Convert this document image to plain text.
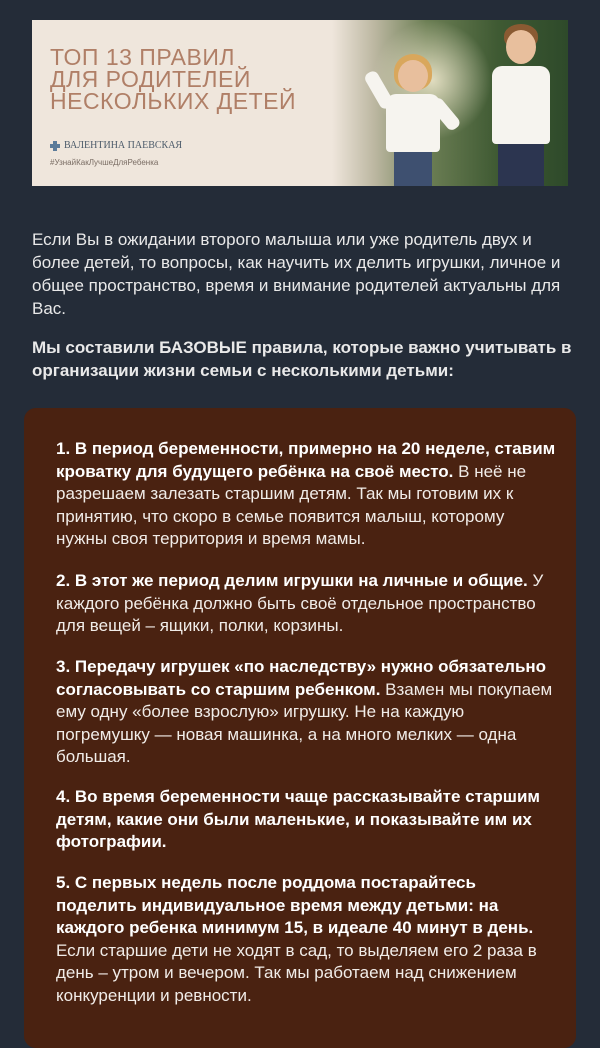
ТОП 13 ПРАВИЛ
ДЛЯ РОДИТЕЛЕЙ
НЕСКОЛЬКИХ ДЕТЕЙ
ВАЛЕНТИНА ПАЕВСКАЯ
#УзнайКакЛучшеДляРебенка

Если Вы в ожидании второго малыша или уже родитель двух и более детей, то вопросы, как научить их делить игрушки, личное и общее пространство, время и внимание родителей актуальны для Вас.

Мы составили БАЗОВЫЕ правила, которые важно учитывать в организации жизни семьи с несколькими детьми:

1. В период беременности, примерно на 20 неделе, ставим кроватку для будущего ребёнка на своё место. В неё не разрешаем залезать старшим детям. Так мы готовим их к принятию, что скоро в семье появится малыш, которому нужны своя территория и время мамы.
2. В этот же период делим игрушки на личные и общие. У каждого ребёнка должно быть своё отдельное пространство для вещей – ящики, полки, корзины.
3. Передачу игрушек «по наследству» нужно обязательно согласовывать со старшим ребенком. Взамен мы покупаем ему одну «более взрослую» игрушку. Не на каждую погремушку — новая машинка, а на много мелких — одна большая.
4. Во время беременности чаще рассказывайте старшим детям, какие они были маленькие, и показывайте им их фотографии.
5. С первых недель после роддома постарайтесь поделить индивидуальное время между детьми: на каждого ребенка минимум 15, в идеале 40 минут в день. Если старшие дети не ходят в сад, то выделяем его 2 раза в день – утром и вечером. Так мы работаем над снижением конкуренции и ревности.
